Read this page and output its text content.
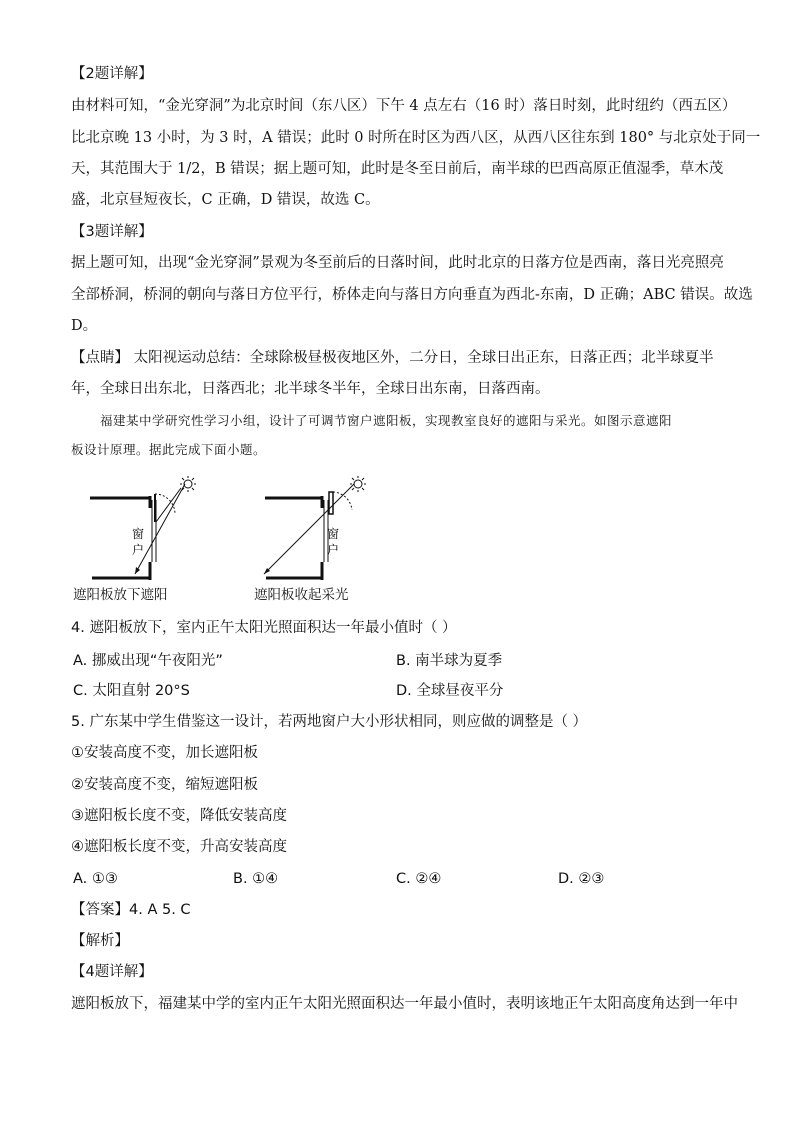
【2题详解】
由材料可知，“金光穿洞”为北京时间（东八区）下午 4 点左右（16 时）落日时刻，此时纽约（西五区）
比北京晚 13 小时，为 3 时，A 错误；此时 0 时所在时区为西八区，从西八区往东到 180° 与北京处于同一
天，其范围大于 1/2，B 错误；据上题可知，此时是冬至日前后，南半球的巴西高原正值湿季，草木茂
盛，北京昼短夜长，C 正确，D 错误，故选 C。
【3题详解】
据上题可知，出现“金光穿洞”景观为冬至前后的日落时间，此时北京的日落方位是西南，落日光亮照亮
全部桥洞，桥洞的朝向与落日方位平行，桥体走向与落日方向垂直为西北-东南，D 正确；ABC 错误。故选
D。
【点睛】 太阳视运动总结：全球除极昼极夜地区外，二分日，全球日出正东，日落正西；北半球夏半
年，全球日出东北，日落西北；北半球冬半年，全球日出东南，日落西南。
福建某中学研究性学习小组，设计了可调节窗户遮阳板，实现教室良好的遮阳与采光。如图示意遮阳
板设计原理。据此完成下面小题。
窗
户
窗
户
遮阳板放下遮阳	遮阳板收起采光
4. 遮阳板放下，室内正午太阳光照面积达一年最小值时（ ）
A. 挪威出现“午夜阳光”	B. 南半球为夏季
C. 太阳直射 20°S	D. 全球昼夜平分
5. 广东某中学生借鉴这一设计，若两地窗户大小形状相同，则应做的调整是（ ）
①安装高度不变，加长遮阳板
②安装高度不变，缩短遮阳板
③遮阳板长度不变，降低安装高度
④遮阳板长度不变，升高安装高度
A. ①③	B. ①④	C. ②④	D. ②③
【答案】4. A 5. C
【解析】
【4题详解】
遮阳板放下，福建某中学的室内正午太阳光照面积达一年最小值时，表明该地正午太阳高度角达到一年中
